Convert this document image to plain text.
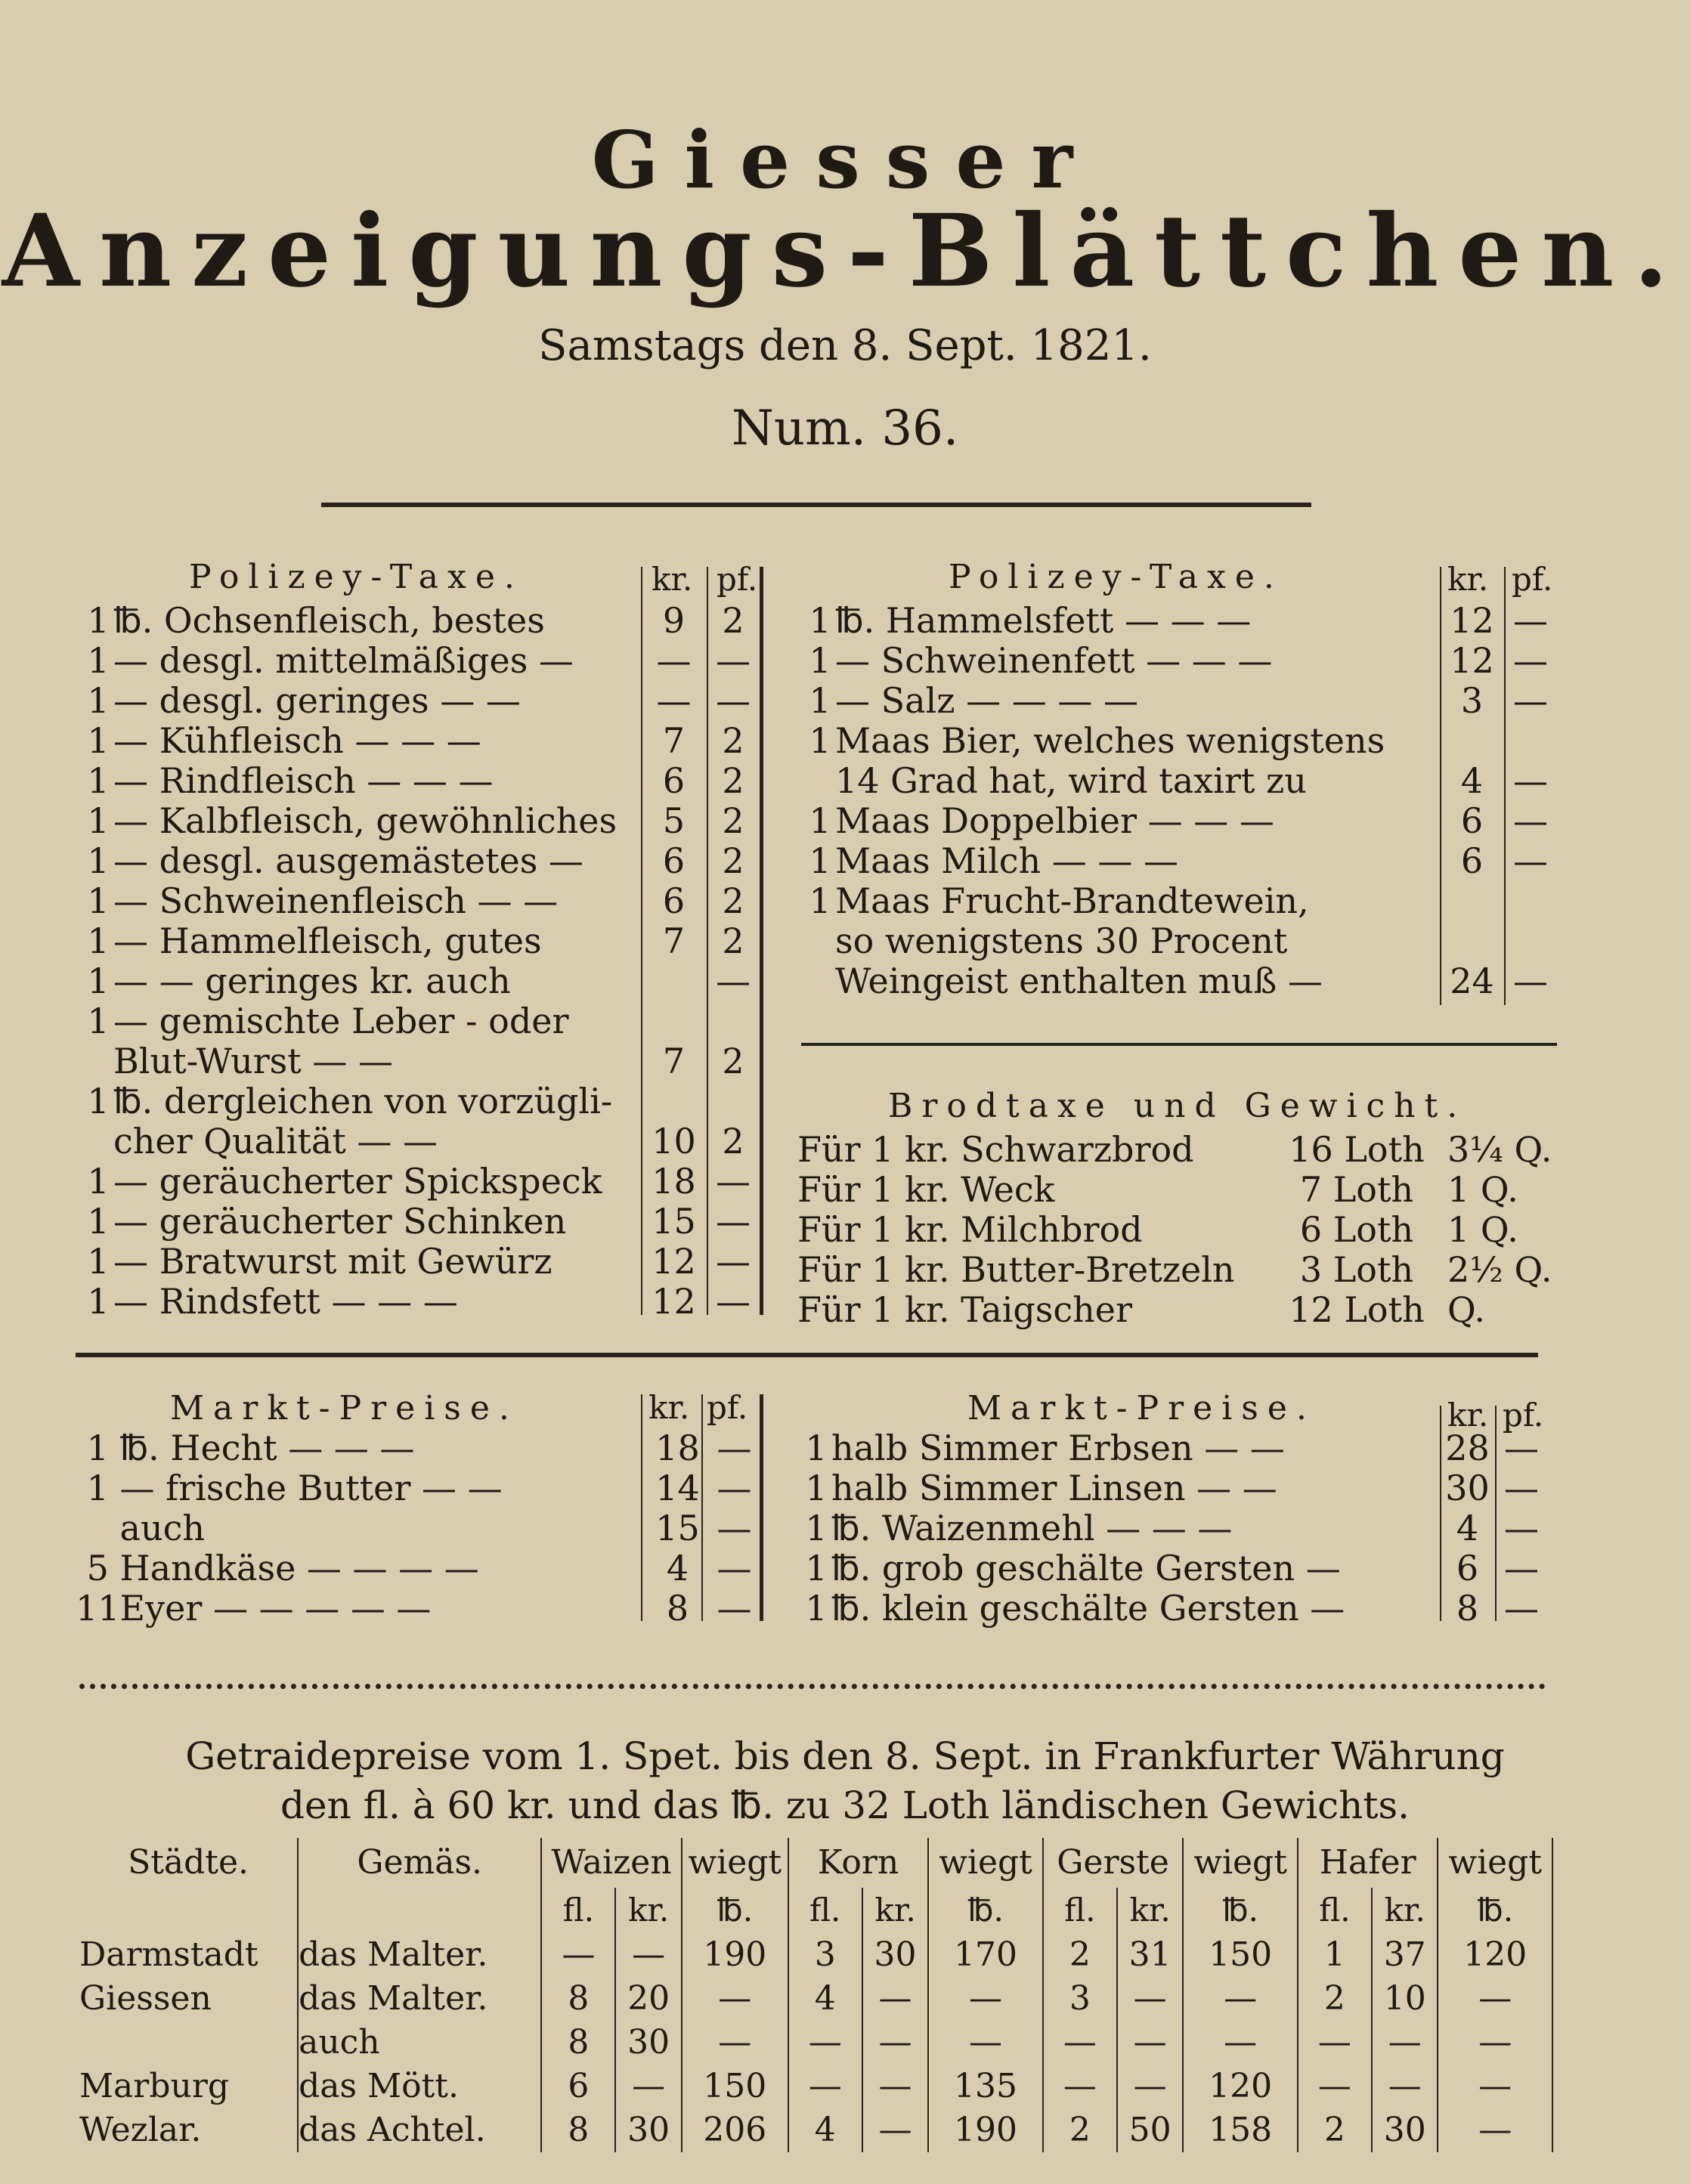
Giesser
Anzeigungs-Blättchen.
Samstags den 8. Sept. 1821.
Num. 36.
Polizey-Taxe.	kr. pf.
1	℔. Ochsenfleisch, bestes	9	2
1	— desgl. mittelmäßiges —	—	—
1	— desgl. geringes — —	—	—
1	— Kühfleisch — — —	7	2
1	— Rindfleisch — — —	6	2
1	— Kalbfleisch, gewöhnliches	5	2
1	— desgl. ausgemästetes —	6	2
1	— Schweinenfleisch — —	6	2
1	— Hammelfleisch, gutes	7	2
1	— — geringes kr. auch		—
1	— gemischte Leber - oder		
	Blut-Wurst — —	7	2
1	℔. dergleichen von vorzügli-		
	cher Qualität — —	10	2
1	— geräucherter Spickspeck	18	—
1	— geräucherter Schinken	15	—
1	— Bratwurst mit Gewürz	12	—
1	— Rindsfett — — —	12	—
Polizey-Taxe.	kr. pf.
1	℔. Hammelsfett — — —	12	—
1	— Schweinenfett — — —	12	—
1	— Salz — — — —	3	—
1	Maas Bier, welches wenigstens		
	14 Grad hat, wird taxirt zu	4	—
1	Maas Doppelbier — — —	6	—
1	Maas Milch — — —	6	—
1	Maas Frucht-Brandtewein,		
	so wenigstens 30 Procent		
	Weingeist enthalten muß —	24	—
Brodtaxe und Gewicht.
Für 1 kr. Schwarzbrod	16 Loth	3¼ Q.
Für 1 kr. Weck	7 Loth	1 Q.
Für 1 kr. Milchbrod	6 Loth	1 Q.
Für 1 kr. Butter-Bretzeln	3 Loth	2½ Q.
Für 1 kr. Taigscher	12 Loth	Q.
Markt-Preise.	kr. pf.
1	℔. Hecht — — —	18	—
1	— frische Butter — —	14	—
	auch	15	—
5	Handkäse — — — —	4	—
11	Eyer — — — — —	8	—
Markt-Preise.	kr. pf.
1	halb Simmer Erbsen — —	28	—
1	halb Simmer Linsen — —	30	—
1	℔. Waizenmehl — — —	4	—
1	℔. grob geschälte Gersten —	6	—
1	℔. klein geschälte Gersten —	8	—
Getraidepreise vom 1. Spet. bis den 8. Sept. in Frankfurter Währung
den fl. à 60 kr. und das ℔. zu 32 Loth ländischen Gewichts.
Städte.	Gemäs.	Waizen		wiegt	Korn		wiegt	Gerste		wiegt	Hafer		wiegt
		fl.	kr.	℔.	fl.	kr.	℔.	fl.	kr.	℔.	fl.	kr.	℔.
Darmstadt	das Malter.	—	—	190	3	30	170	2	31	150	1	37	120
Giessen	das Malter.	8	20	—	4	—	—	3	—	—	2	10	—
	auch	8	30	—	—	—	—	—	—	—	—	—	—
Marburg	das Mött.	6	—	150	—	—	135	—	—	120	—	—	—
Wezlar.	das Achtel.	8	30	206	4	—	190	2	50	158	2	30	—
